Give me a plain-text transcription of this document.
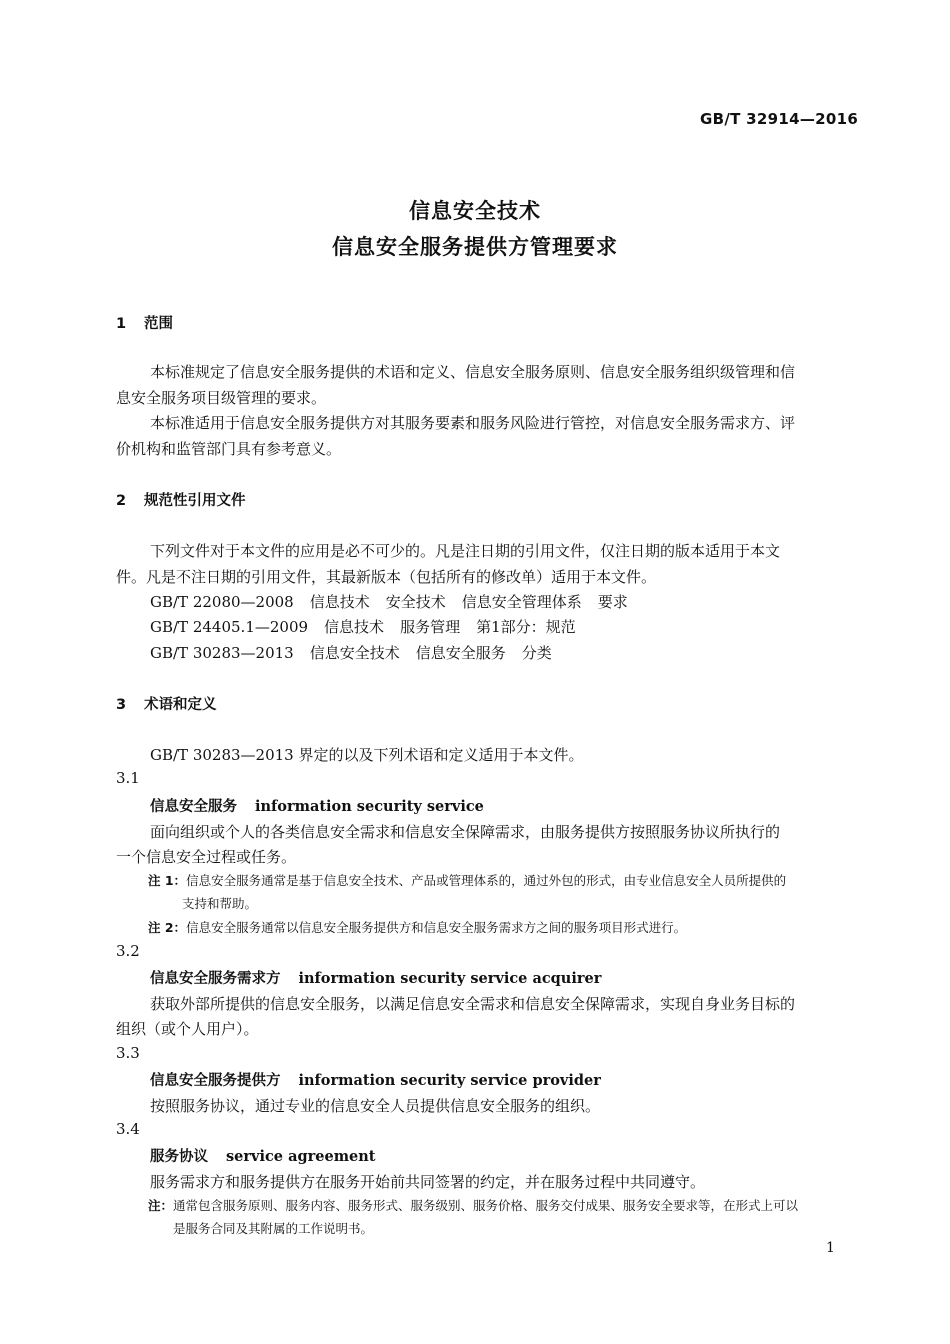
GB/T 32914—2016
信息安全技术
信息安全服务提供方管理要求
1 范围
本标准规定了信息安全服务提供的术语和定义、信息安全服务原则、信息安全服务组织级管理和信
息安全服务项目级管理的要求。
本标准适用于信息安全服务提供方对其服务要素和服务风险进行管控，对信息安全服务需求方、评
价机构和监管部门具有参考意义。
2 规范性引用文件
下列文件对于本文件的应用是必不可少的。凡是注日期的引用文件，仅注日期的版本适用于本文
件。凡是不注日期的引用文件，其最新版本（包括所有的修改单）适用于本文件。
GB/T 22080—2008 信息技术 安全技术 信息安全管理体系 要求
GB/T 24405.1—2009 信息技术 服务管理 第1部分：规范
GB/T 30283—2013 信息安全技术 信息安全服务 分类
3 术语和定义
GB/T 30283—2013 界定的以及下列术语和定义适用于本文件。
3.1
信息安全服务 information security service
面向组织或个人的各类信息安全需求和信息安全保障需求，由服务提供方按照服务协议所执行的
一个信息安全过程或任务。
注 1：信息安全服务通常是基于信息安全技术、产品或管理体系的，通过外包的形式，由专业信息安全人员所提供的
支持和帮助。
注 2：信息安全服务通常以信息安全服务提供方和信息安全服务需求方之间的服务项目形式进行。
3.2
信息安全服务需求方 information security service acquirer
获取外部所提供的信息安全服务，以满足信息安全需求和信息安全保障需求，实现自身业务目标的
组织（或个人用户）。
3.3
信息安全服务提供方 information security service provider
按照服务协议，通过专业的信息安全人员提供信息安全服务的组织。
3.4
服务协议 service agreement
服务需求方和服务提供方在服务开始前共同签署的约定，并在服务过程中共同遵守。
注：通常包含服务原则、服务内容、服务形式、服务级别、服务价格、服务交付成果、服务安全要求等，在形式上可以
是服务合同及其附属的工作说明书。
1
